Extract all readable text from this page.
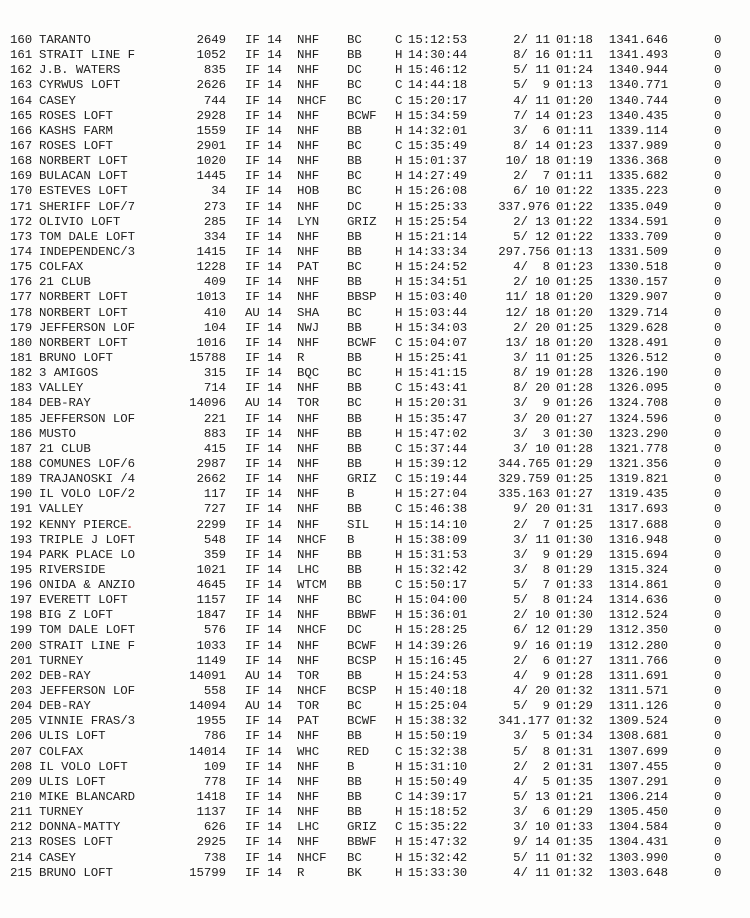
160 TARANTO	2649 IF 14 NHF BC	C 15:12:53	2/ 11 01:18 1341.646	0
161 STRAIT LINE F	1052 IF 14 NHF BB	H 14:30:44	8/ 16 01:11 1341.493	0
162 J.B. WATERS	835 IF 14 NHF DC	H 15:46:12	5/ 11 01:24 1340.944	0
163 CYRWUS LOFT	2626 IF 14 NHF BC	C 14:44:18	5/  9 01:13 1340.771	0
164 CASEY	744 IF 14 NHCF BC	C 15:20:17	4/ 11 01:20 1340.744	0
165 ROSES LOFT	2928 IF 14 NHF BCWF H 15:34:59	7/ 14 01:23 1340.435	0
166 KASHS FARM	1559 IF 14 NHF BB	H 14:32:01	3/  6 01:11 1339.114	0
167 ROSES LOFT	2901 IF 14 NHF BC	C 15:35:49	8/ 14 01:23 1337.989	0
168 NORBERT LOFT	1020 IF 14 NHF BB	H 15:01:37	10/ 18 01:19 1336.368	0
169 BULACAN LOFT	1445 IF 14 NHF BC	H 14:27:49	2/  7 01:11 1335.682	0
170 ESTEVES LOFT	34 IF 14 HOB BC	H 15:26:08	6/ 10 01:22 1335.223	0
171 SHERIFF LOF/7	273 IF 14 NHF DC	H 15:25:33	337.976 01:22 1335.049	0
172 OLIVIO LOFT	285 IF 14 LYN GRIZ H 15:25:54	2/ 13 01:22 1334.591	0
173 TOM DALE LOFT	334 IF 14 NHF BB	H 15:21:14	5/ 12 01:22 1333.709	0
174 INDEPENDENC/3	1415 IF 14 NHF BB	H 14:33:34	297.756 01:13 1331.509	0
175 COLFAX	1228 IF 14 PAT BC	H 15:24:52	4/  8 01:23 1330.518	0
176 21 CLUB	409 IF 14 NHF BB	H 15:34:51	2/ 10 01:25 1330.157	0
177 NORBERT LOFT	1013 IF 14 NHF BBSP H 15:03:40	11/ 18 01:20 1329.907	0
178 NORBERT LOFT	410 AU 14 SHA BC	H 15:03:44	12/ 18 01:20 1329.714	0
179 JEFFERSON LOF	104 IF 14 NWJ BB	H 15:34:03	2/ 20 01:25 1329.628	0
180 NORBERT LOFT	1016 IF 14 NHF BCWF C 15:04:07	13/ 18 01:20 1328.491	0
181 BRUNO LOFT	15788 IF 14 R	BB	H 15:25:41	3/ 11 01:25 1326.512	0
182 3 AMIGOS	315 IF 14 BQC BC	H 15:41:15	8/ 19 01:28 1326.190	0
183 VALLEY	714 IF 14 NHF BB	C 15:43:41	8/ 20 01:28 1326.095	0
184 DEB-RAY	14096 AU 14 TOR BC	H 15:20:31	3/  9 01:26 1324.708	0
185 JEFFERSON LOF	221 IF 14 NHF BB	H 15:35:47	3/ 20 01:27 1324.596	0
186 MUSTO	883 IF 14 NHF BB	H 15:47:02	3/  3 01:30 1323.290	0
187 21 CLUB	415 IF 14 NHF BB	C 15:37:44	3/ 10 01:28 1321.778	0
188 COMUNES LOF/6	2987 IF 14 NHF BB	H 15:39:12	344.765 01:29 1321.356	0
189 TRAJANOSKI /4	2662 IF 14 NHF GRIZ C 15:19:44	329.759 01:25 1319.821	0
190 IL VOLO LOF/2	117 IF 14 NHF B	H 15:27:04	335.163 01:27 1319.435	0
191 VALLEY	727 IF 14 NHF BB	C 15:46:38	9/ 20 01:31 1317.693	0
192 KENNY PIERCE	2299 IF 14 NHF SIL H 15:14:10	2/  7 01:25 1317.688	0
193 TRIPLE J LOFT	548 IF 14 NHCF B	H 15:38:09	3/ 11 01:30 1316.948	0
194 PARK PLACE LO	359 IF 14 NHF BB	H 15:31:53	3/  9 01:29 1315.694	0
195 RIVERSIDE	1021 IF 14 LHC BB	H 15:32:42	3/  8 01:29 1315.324	0
196 ONIDA & ANZIO	4645 IF 14 WTCM BB	C 15:50:17	5/  7 01:33 1314.861	0
197 EVERETT LOFT	1157 IF 14 NHF BC	H 15:04:00	5/  8 01:24 1314.636	0
198 BIG Z LOFT	1847 IF 14 NHF BBWF H 15:36:01	2/ 10 01:30 1312.524	0
199 TOM DALE LOFT	576 IF 14 NHCF DC	H 15:28:25	6/ 12 01:29 1312.350	0
200 STRAIT LINE F	1033 IF 14 NHF BCWF H 14:39:26	9/ 16 01:19 1312.280	0
201 TURNEY	1149 IF 14 NHF BCSP H 15:16:45	2/  6 01:27 1311.766	0
202 DEB-RAY	14091 AU 14 TOR BB	H 15:24:53	4/  9 01:28 1311.691	0
203 JEFFERSON LOF	558 IF 14 NHCF BCSP H 15:40:18	4/ 20 01:32 1311.571	0
204 DEB-RAY	14094 AU 14 TOR BC	H 15:25:04	5/  9 01:29 1311.126	0
205 VINNIE FRAS/3	1955 IF 14 PAT BCWF H 15:38:32	341.177 01:32 1309.524	0
206 ULIS LOFT	786 IF 14 NHF BB	H 15:50:19	3/  5 01:34 1308.681	0
207 COLFAX	14014 IF 14 WHC RED C 15:32:38	5/  8 01:31 1307.699	0
208 IL VOLO LOFT	109 IF 14 NHF B	H 15:31:10	2/  2 01:31 1307.455	0
209 ULIS LOFT	778 IF 14 NHF BB	H 15:50:49	4/  5 01:35 1307.291	0
210 MIKE BLANCARD	1418 IF 14 NHF BB	C 14:39:17	5/ 13 01:21 1306.214	0
211 TURNEY	1137 IF 14 NHF BB	H 15:18:52	3/  6 01:29 1305.450	0
212 DONNA-MATTY	626 IF 14 LHC GRIZ C 15:35:22	3/ 10 01:33 1304.584	0
213 ROSES LOFT	2925 IF 14 NHF BBWF H 15:47:32	9/ 14 01:35 1304.431	0
214 CASEY	738 IF 14 NHCF BC	H 15:32:42	5/ 11 01:32 1303.990	0
215 BRUNO LOFT	15799 IF 14 R	BK	H 15:33:30	4/ 11 01:32 1303.648	0
